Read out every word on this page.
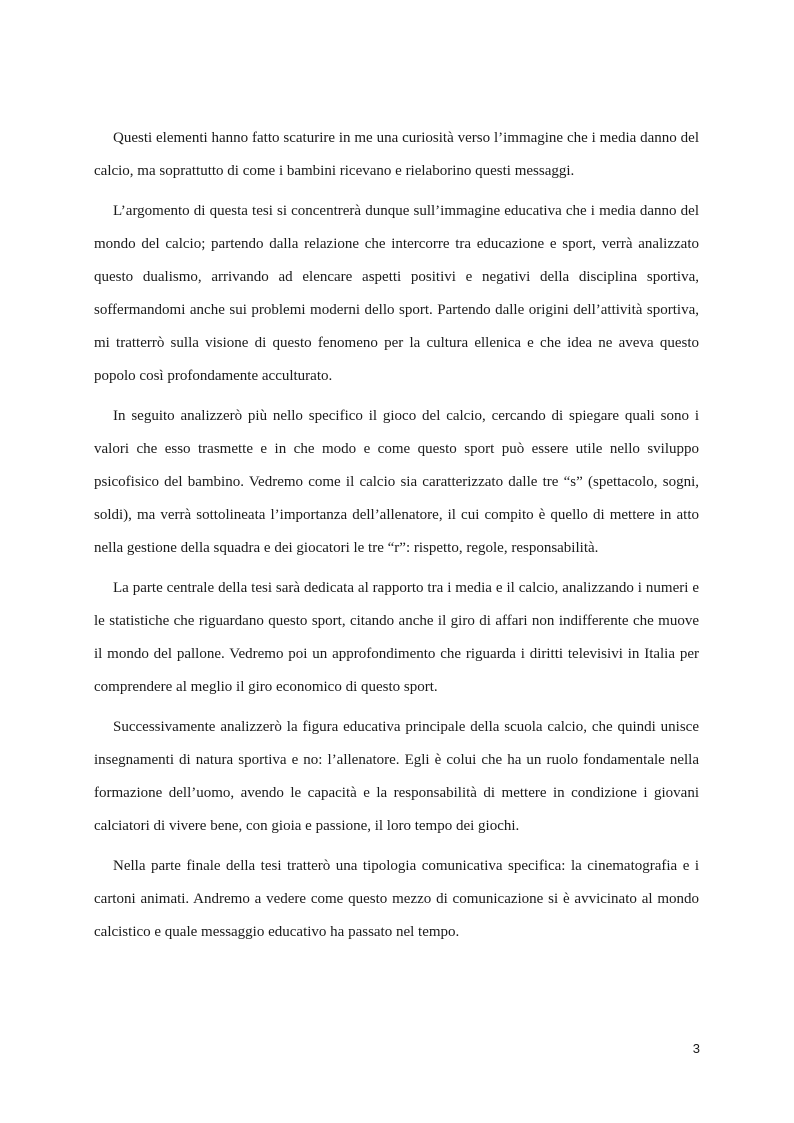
Questi elementi hanno fatto scaturire in me una curiosità verso l’immagine che i media danno del calcio, ma soprattutto di come i bambini ricevano e rielaborino questi messaggi.

L’argomento di questa tesi si concentrerà dunque sull’immagine educativa che i media danno del mondo del calcio; partendo dalla relazione che intercorre tra educazione e sport, verrà analizzato questo dualismo, arrivando ad elencare aspetti positivi e negativi della disciplina sportiva, soffermandomi anche sui problemi moderni dello sport. Partendo dalle origini dell’attività sportiva, mi tratterrò sulla visione di questo fenomeno per la cultura ellenica e che idea ne aveva questo popolo così profondamente acculturato.

In seguito analizzerò più nello specifico il gioco del calcio, cercando di spiegare quali sono i valori che esso trasmette e in che modo e come questo sport può essere utile nello sviluppo psicofisico del bambino. Vedremo come il calcio sia caratterizzato dalle tre “s” (spettacolo, sogni, soldi), ma verrà sottolineata l’importanza dell’allenatore, il cui compito è quello di mettere in atto nella gestione della squadra e dei giocatori le tre “r”: rispetto, regole, responsabilità.

La parte centrale della tesi sarà dedicata al rapporto tra i media e il calcio, analizzando i numeri e le statistiche che riguardano questo sport, citando anche il giro di affari non indifferente che muove il mondo del pallone. Vedremo poi un approfondimento che riguarda i diritti televisivi in Italia per comprendere al meglio il giro economico di questo sport.

Successivamente analizzerò la figura educativa principale della scuola calcio, che quindi unisce insegnamenti di natura sportiva e no: l’allenatore. Egli è colui che ha un ruolo fondamentale nella formazione dell’uomo, avendo le capacità e la responsabilità di mettere in condizione i giovani calciatori di vivere bene, con gioia e passione, il loro tempo dei giochi.

Nella parte finale della tesi tratterò una tipologia comunicativa specifica: la cinematografia e i cartoni animati. Andremo a vedere come questo mezzo di comunicazione si è avvicinato al mondo calcistico e quale messaggio educativo ha passato nel tempo.

3
